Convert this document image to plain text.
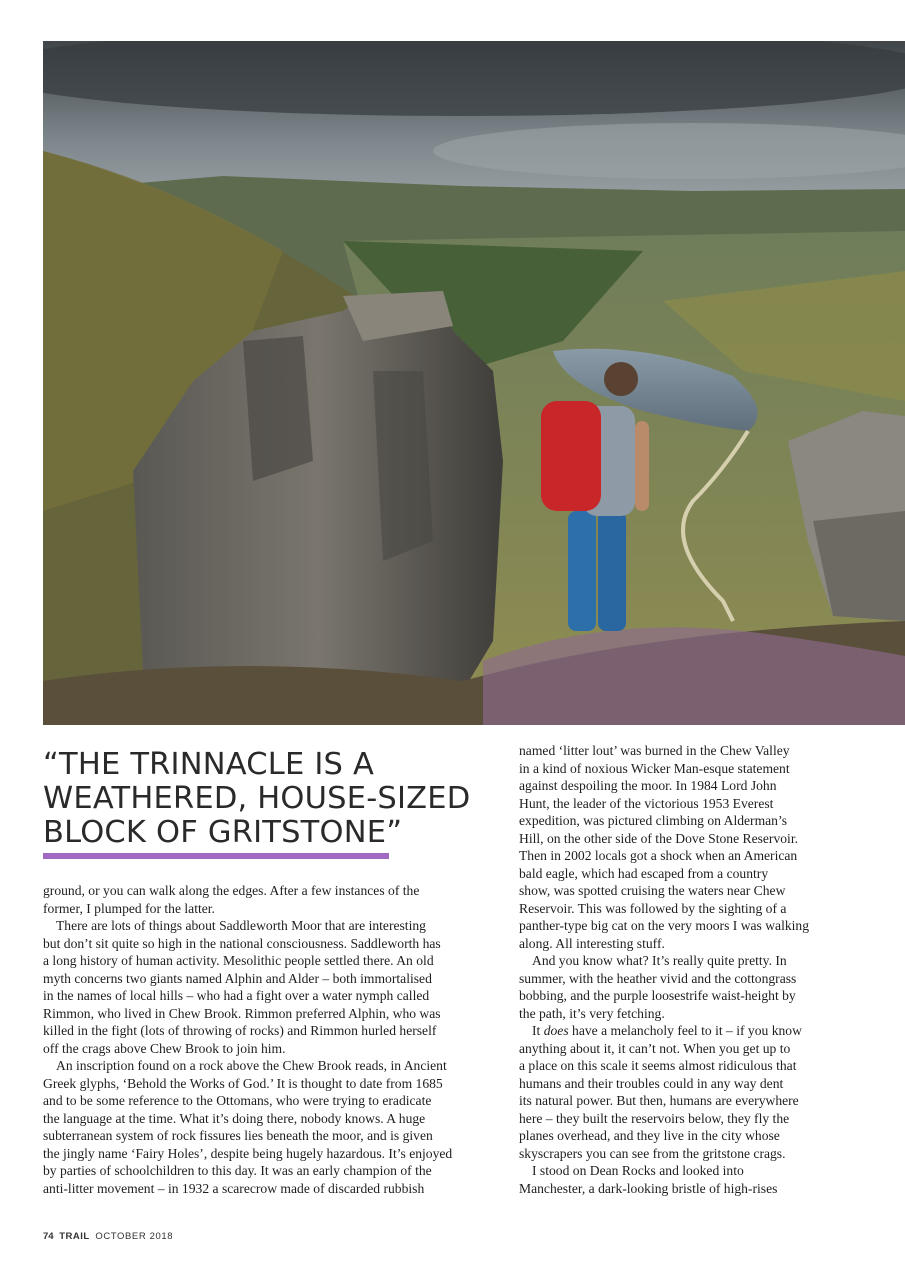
“THE TRINNACLE IS A
WEATHERED, HOUSE-SIZED
BLOCK OF GRITSTONE”

ground, or you can walk along the edges. After a few instances of the
former, I plumped for the latter.

There are lots of things about Saddleworth Moor that are interesting
but don’t sit quite so high in the national consciousness. Saddleworth has
a long history of human activity. Mesolithic people settled there. An old
myth concerns two giants named Alphin and Alder – both immortalised
in the names of local hills – who had a fight over a water nymph called
Rimmon, who lived in Chew Brook. Rimmon preferred Alphin, who was
killed in the fight (lots of throwing of rocks) and Rimmon hurled herself
off the crags above Chew Brook to join him.

An inscription found on a rock above the Chew Brook reads, in Ancient
Greek glyphs, ‘Behold the Works of God.’ It is thought to date from 1685
and to be some reference to the Ottomans, who were trying to eradicate
the language at the time. What it’s doing there, nobody knows. A huge
subterranean system of rock fissures lies beneath the moor, and is given
the jingly name ‘Fairy Holes’, despite being hugely hazardous. It’s enjoyed
by parties of schoolchildren to this day. It was an early champion of the
anti-litter movement – in 1932 a scarecrow made of discarded rubbish

named ‘litter lout’ was burned in the Chew Valley
in a kind of noxious Wicker Man-esque statement
against despoiling the moor. In 1984 Lord John
Hunt, the leader of the victorious 1953 Everest
expedition, was pictured climbing on Alderman’s
Hill, on the other side of the Dove Stone Reservoir.
Then in 2002 locals got a shock when an American
bald eagle, which had escaped from a country
show, was spotted cruising the waters near Chew
Reservoir. This was followed by the sighting of a
panther-type big cat on the very moors I was walking
along. All interesting stuff.

And you know what? It’s really quite pretty. In
summer, with the heather vivid and the cottongrass
bobbing, and the purple loosestrife waist-height by
the path, it’s very fetching.

It does have a melancholy feel to it – if you know
anything about it, it can’t not. When you get up to
a place on this scale it seems almost ridiculous that
humans and their troubles could in any way dent
its natural power. But then, humans are everywhere
here – they built the reservoirs below, they fly the
planes overhead, and they live in the city whose
skyscrapers you can see from the gritstone crags.

I stood on Dean Rocks and looked into
Manchester, a dark-looking bristle of high-rises

74 TRAIL OCTOBER 2018
